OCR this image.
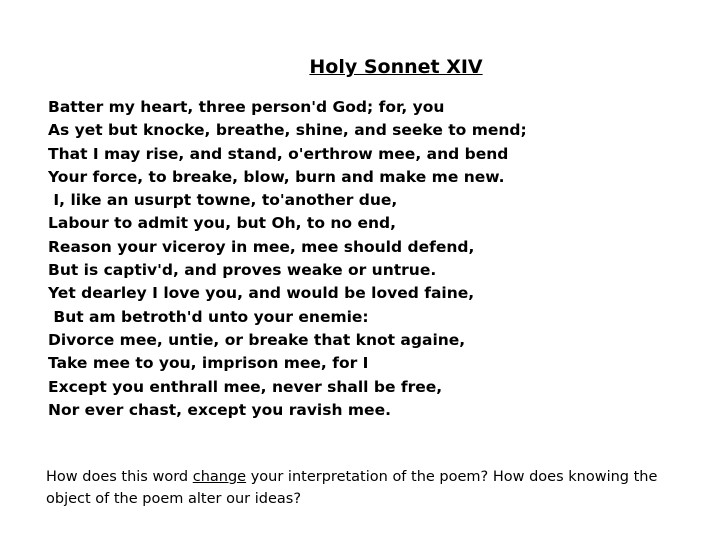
Holy Sonnet XIV
Batter my heart, three person'd God; for, you
As yet but knocke, breathe, shine, and seeke to mend;
That I may rise, and stand, o'erthrow mee, and bend
Your force, to breake, blow, burn and make me new.
I, like an usurpt towne, to'another due,
Labour to admit you, but Oh, to no end,
Reason your viceroy in mee, mee should defend,
But is captiv'd, and proves weake or untrue.
Yet dearley I love you, and would be loved faine,
But am betroth'd unto your enemie:
Divorce mee, untie, or breake that knot againe,
Take mee to you, imprison mee, for I
Except you enthrall mee, never shall be free,
Nor ever chast, except you ravish mee.
How does this word change your interpretation of the poem? How does knowing the object of the poem alter our ideas?
